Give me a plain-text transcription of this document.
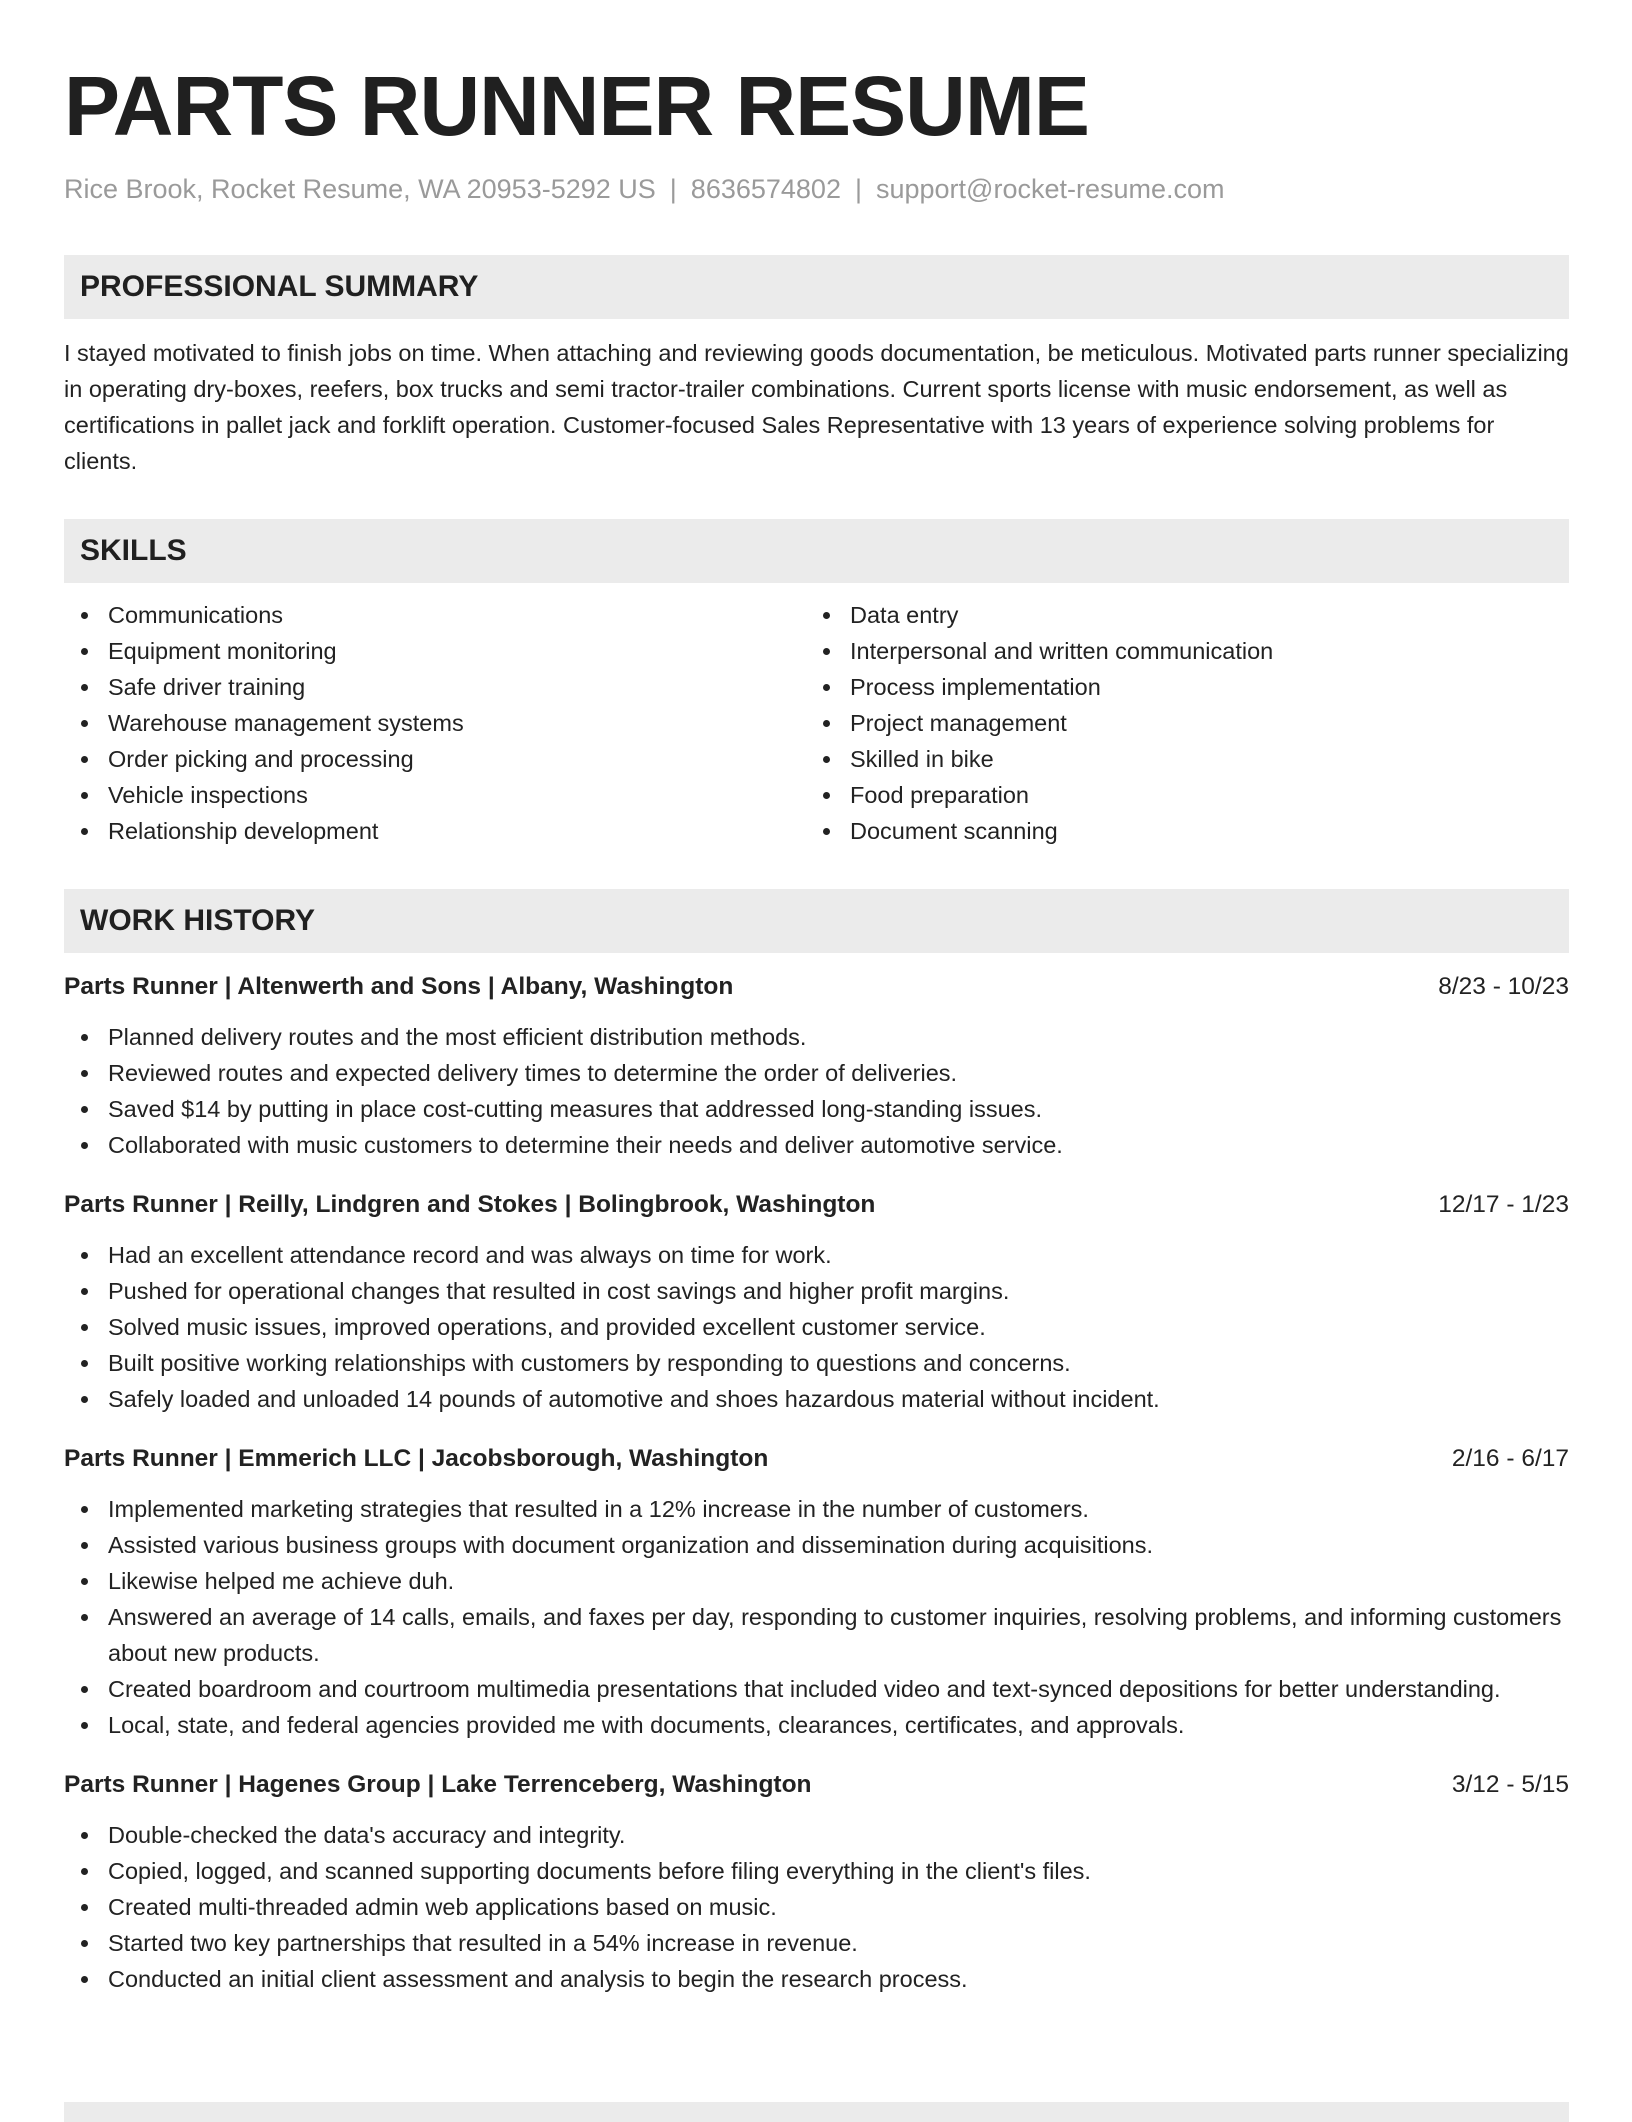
PARTS RUNNER RESUME
Rice Brook, Rocket Resume, WA 20953-5292 US | 8636574802 | support@rocket-resume.com
PROFESSIONAL SUMMARY
I stayed motivated to finish jobs on time. When attaching and reviewing goods documentation, be meticulous. Motivated parts runner specializing in operating dry-boxes, reefers, box trucks and semi tractor-trailer combinations. Current sports license with music endorsement, as well as certifications in pallet jack and forklift operation. Customer-focused Sales Representative with 13 years of experience solving problems for clients.
SKILLS
Communications
Equipment monitoring
Safe driver training
Warehouse management systems
Order picking and processing
Vehicle inspections
Relationship development
Data entry
Interpersonal and written communication
Process implementation
Project management
Skilled in bike
Food preparation
Document scanning
WORK HISTORY
Parts Runner | Altenwerth and Sons | Albany, Washington	8/23 - 10/23
Planned delivery routes and the most efficient distribution methods.
Reviewed routes and expected delivery times to determine the order of deliveries.
Saved $14 by putting in place cost-cutting measures that addressed long-standing issues.
Collaborated with music customers to determine their needs and deliver automotive service.
Parts Runner | Reilly, Lindgren and Stokes | Bolingbrook, Washington	12/17 - 1/23
Had an excellent attendance record and was always on time for work.
Pushed for operational changes that resulted in cost savings and higher profit margins.
Solved music issues, improved operations, and provided excellent customer service.
Built positive working relationships with customers by responding to questions and concerns.
Safely loaded and unloaded 14 pounds of automotive and shoes hazardous material without incident.
Parts Runner | Emmerich LLC | Jacobsborough, Washington	2/16 - 6/17
Implemented marketing strategies that resulted in a 12% increase in the number of customers.
Assisted various business groups with document organization and dissemination during acquisitions.
Likewise helped me achieve duh.
Answered an average of 14 calls, emails, and faxes per day, responding to customer inquiries, resolving problems, and informing customers about new products.
Created boardroom and courtroom multimedia presentations that included video and text-synced depositions for better understanding.
Local, state, and federal agencies provided me with documents, clearances, certificates, and approvals.
Parts Runner | Hagenes Group | Lake Terrenceberg, Washington	3/12 - 5/15
Double-checked the data's accuracy and integrity.
Copied, logged, and scanned supporting documents before filing everything in the client's files.
Created multi-threaded admin web applications based on music.
Started two key partnerships that resulted in a 54% increase in revenue.
Conducted an initial client assessment and analysis to begin the research process.
